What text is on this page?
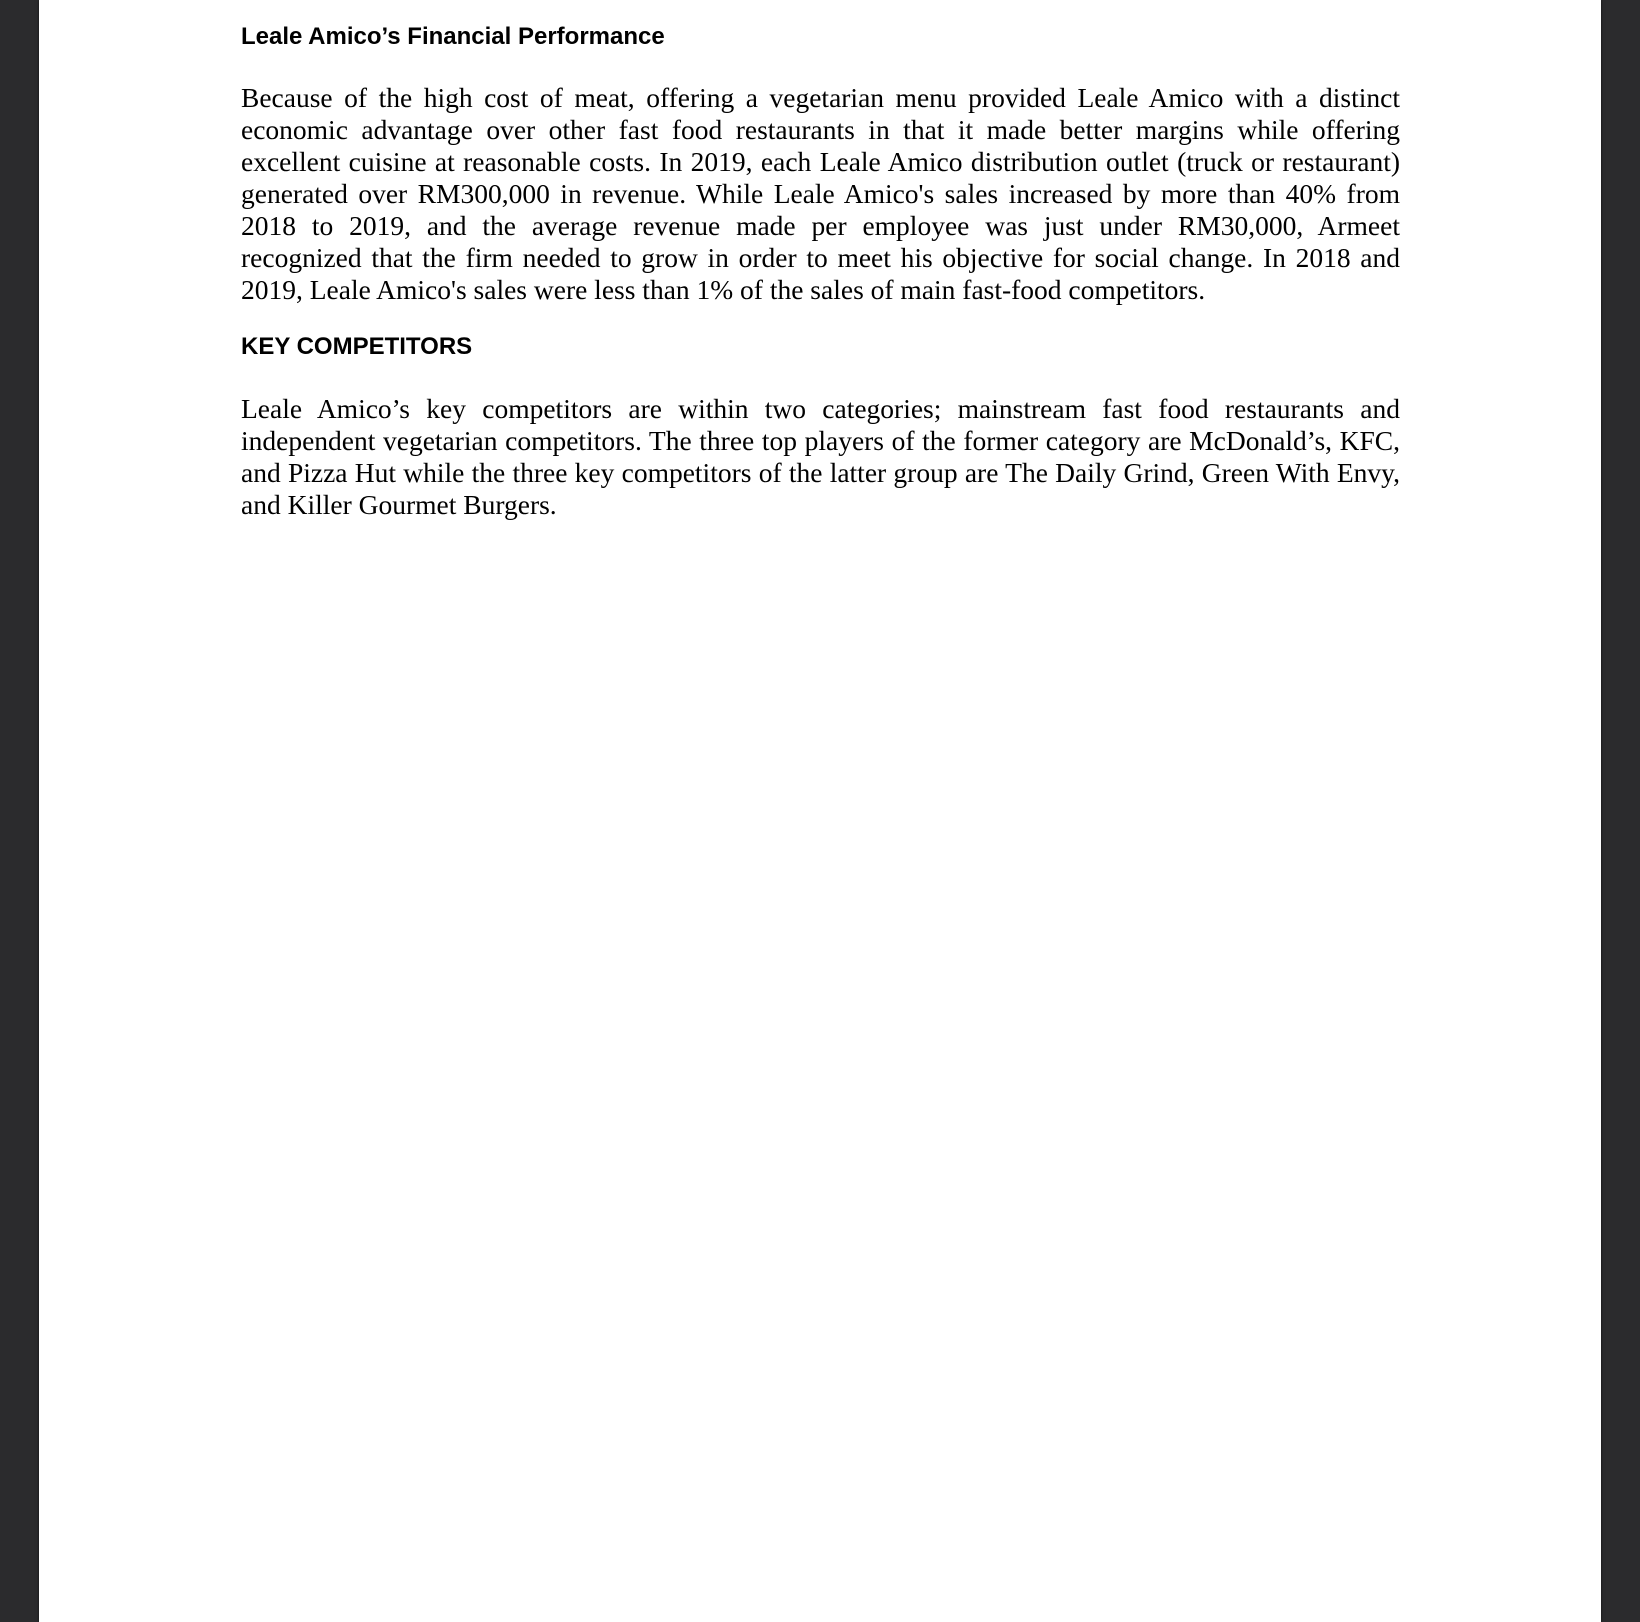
Leale Amico’s Financial Performance

Because of the high cost of meat, offering a vegetarian menu provided Leale Amico with a distinct economic advantage over other fast food restaurants in that it made better margins while offering excellent cuisine at reasonable costs. In 2019, each Leale Amico distribution outlet (truck or restaurant) generated over RM300,000 in revenue. While Leale Amico's sales increased by more than 40% from 2018 to 2019, and the average revenue made per employee was just under RM30,000, Armeet recognized that the firm needed to grow in order to meet his objective for social change. In 2018 and 2019, Leale Amico's sales were less than 1% of the sales of main fast-food competitors.

KEY COMPETITORS

Leale Amico’s key competitors are within two categories; mainstream fast food restaurants and independent vegetarian competitors. The three top players of the former category are McDonald’s, KFC, and Pizza Hut while the three key competitors of the latter group are The Daily Grind, Green With Envy, and Killer Gourmet Burgers.
